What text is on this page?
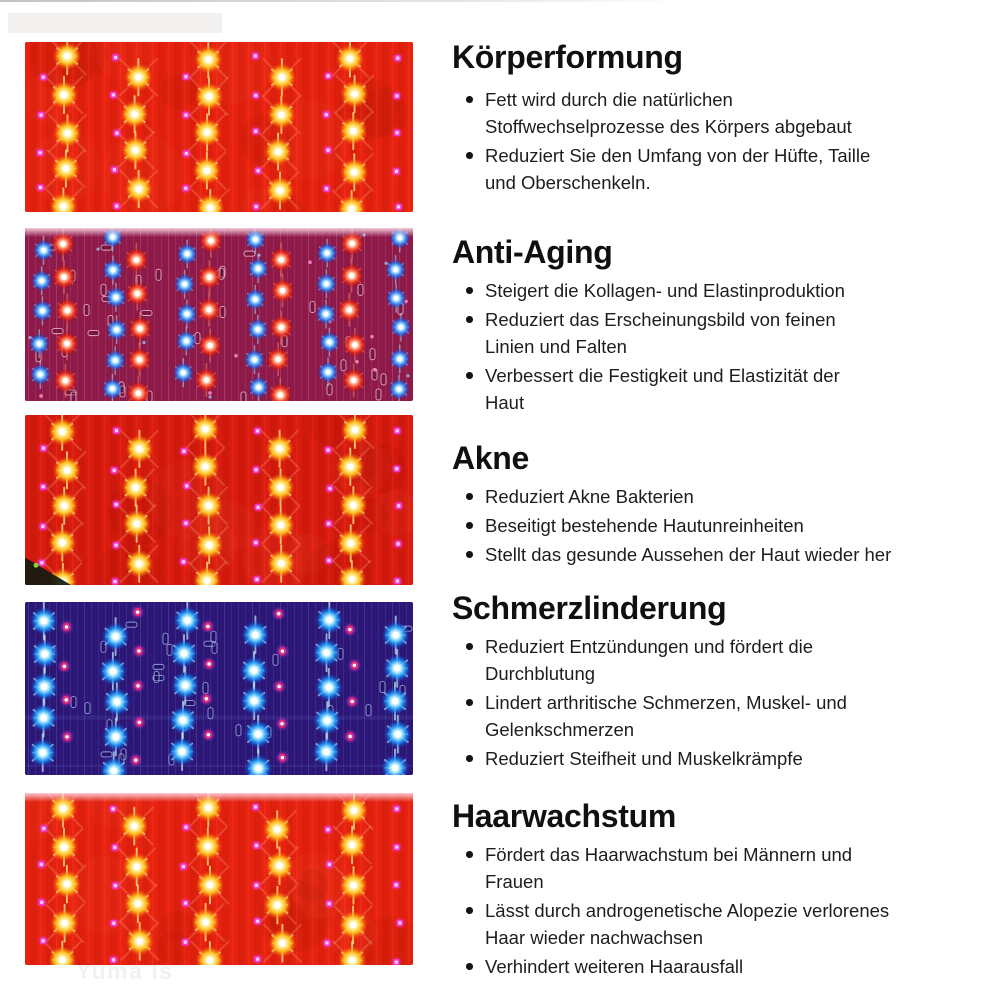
Körperformung
Fett wird durch die natürlichen
Stoffwechselprozesse des Körpers abgebaut
Reduziert Sie den Umfang von der Hüfte, Taille
und Oberschenkeln.
Anti-Aging
Steigert die Kollagen- und Elastinproduktion
Reduziert das Erscheinungsbild von feinen
Linien und Falten
Verbessert die Festigkeit und Elastizität der
Haut
Akne
Reduziert Akne Bakterien
Beseitigt bestehende Hautunreinheiten
Stellt das gesunde Aussehen der Haut wieder her
Schmerzlinderung
Reduziert Entzündungen und fördert die
Durchblutung
Lindert arthritische Schmerzen, Muskel- und
Gelenkschmerzen
Reduziert Steifheit und Muskelkrämpfe
Haarwachstum
Fördert das Haarwachstum bei Männern und
Frauen
Lässt durch androgenetische Alopezie verlorenes
Haar wieder nachwachsen
Verhindert weiteren Haarausfall
Yuma Is
